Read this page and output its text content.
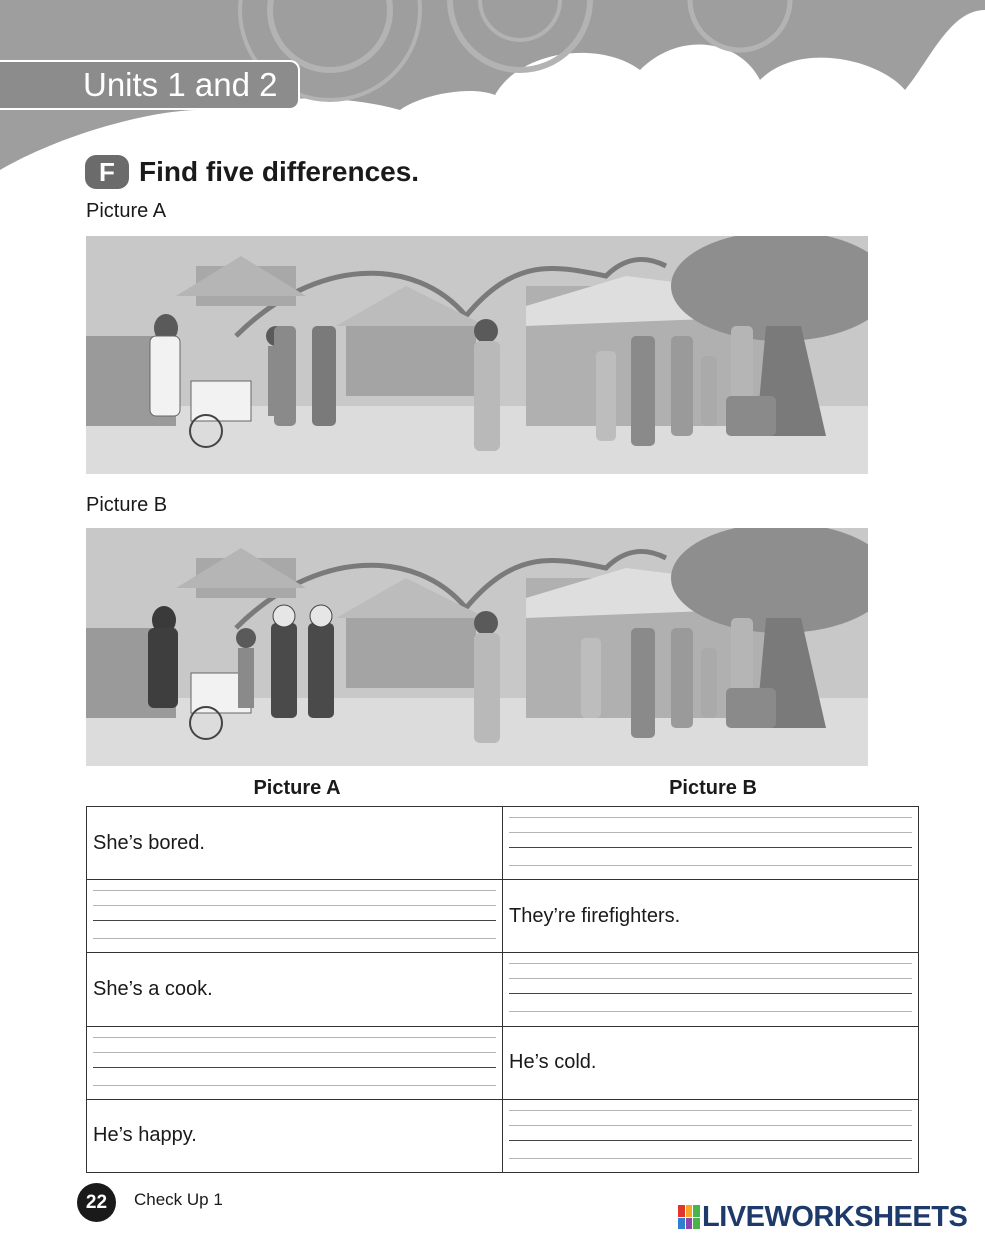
Units 1 and 2
F Find five differences.
Picture A
Picture B
Picture A	Picture B
She’s bored.	

	They’re firefighters.
She’s a cook.	

	He’s cold.
He’s happy.	
22	Check Up 1
LIVEWORKSHEETS
